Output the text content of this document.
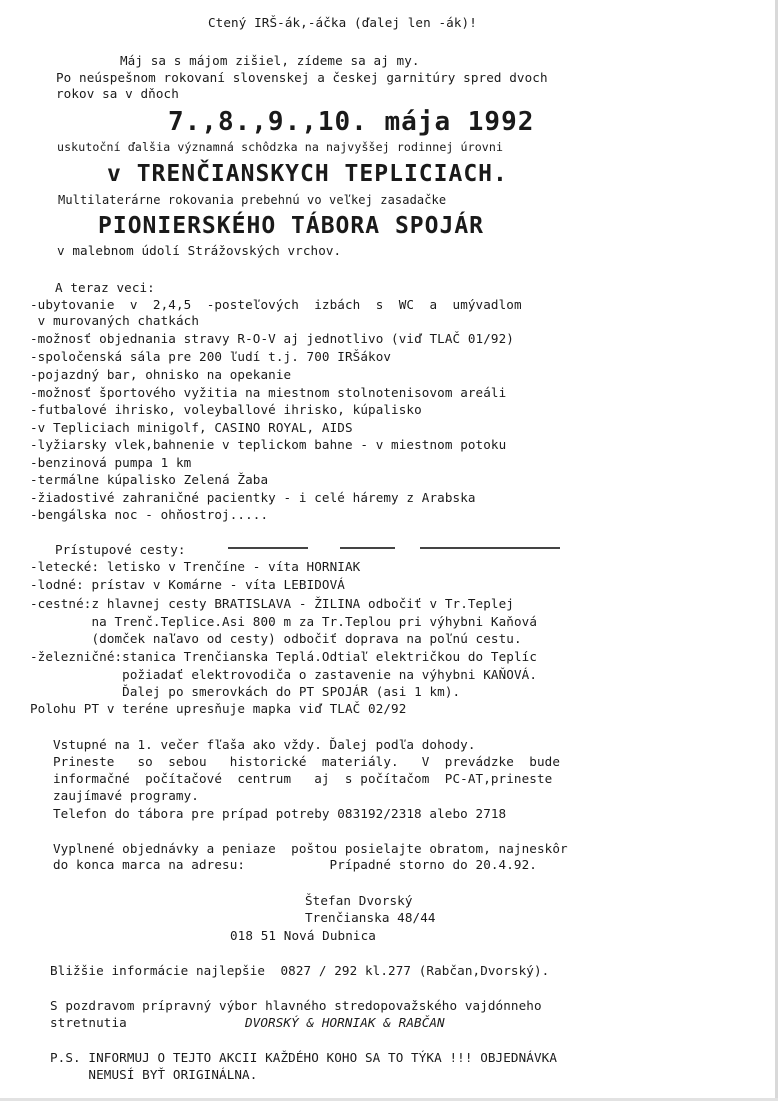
Ctený IRŠ-ák,-áčka (ďalej len -ák)!
Máj sa s májom zišiel, zídeme sa aj my.
Po neúspešnom rokovaní slovenskej a českej garnitúry spred dvoch
rokov sa v dňoch
7.,8.,9.,10. mája 1992
uskutoční ďalšia významná schôdzka na najvyššej rodinnej úrovni
v TRENČIANSKYCH TEPLICIACH.
Multilaterárne rokovania prebehnú vo veľkej zasadačke
PIONIERSKÉHO TÁBORA SPOJÁR
v malebnom údolí Strážovských vrchov.
A teraz veci:
-ubytovanie  v  2,4,5  -posteľových  izbách  s  WC  a  umývadlom
v murovaných chatkách
-možnosť objednania stravy R-O-V aj jednotlivo (viď TLAČ 01/92)
-spoločenská sála pre 200 ľudí t.j. 700 IRŠákov
-pojazdný bar, ohnisko na opekanie
-možnosť športového vyžitia na miestnom stolnotenisovom areáli
-futbalové ihrisko, voleyballové ihrisko, kúpalisko
-v Tepliciach minigolf, CASINO ROYAL, AIDS
-lyžiarsky vlek,bahnenie v teplickom bahne - v miestnom potoku
-benzinová pumpa 1 km
-termálne kúpalisko Zelená Žaba
-žiadostivé zahraničné pacientky - i celé háremy z Arabska
-bengálska noc - ohňostroj.....
Prístupové cesty:
-letecké: letisko v Trenčíne - víta HORNIAK
-lodné: prístav v Komárne - víta LEBIDOVÁ
-cestné:z hlavnej cesty BRATISLAVA - ŽILINA odbočiť v Tr.Teplej
na Trenč.Teplice.Asi 800 m za Tr.Teplou pri výhybni Kaňová
(domček naľavo od cesty) odbočiť doprava na poľnú cestu.
-železničné:stanica Trenčianska Teplá.Odtiaľ električkou do Teplíc
požiadať elektrovodiča o zastavenie na výhybni KAŇOVÁ.
Ďalej po smerovkách do PT SPOJÁR (asi 1 km).
Polohu PT v teréne upresňuje mapka viď TLAČ 02/92
Vstupné na 1. večer fľaša ako vždy. Ďalej podľa dohody.
Prineste   so  sebou   historické  materiály.   V  prevádzke  bude
informačné  počítačové  centrum   aj  s počítačom  PC-AT,prineste
zaujímavé programy.
Telefon do tábora pre prípad potreby 083192/2318 alebo 2718
Vyplnené objednávky a peniaze  poštou posielajte obratom, najneskôr
do konca marca na adresu:           Prípadné storno do 20.4.92.
Štefan Dvorský
Trenčianska 48/44
018 51 Nová Dubnica
Bližšie informácie najlepšie  0827 / 292 kl.277 (Rabčan,Dvorský).
S pozdravom prípravný výbor hlavného stredopovažského vajdónneho
stretnutia	DVORSKÝ & HORNIAK & RABČAN
P.S. INFORMUJ O TEJTO AKCII KAŽDÉHO KOHO SA TO TÝKA !!! OBJEDNÁVKA
NEMUSÍ BYŤ ORIGINÁLNA.
